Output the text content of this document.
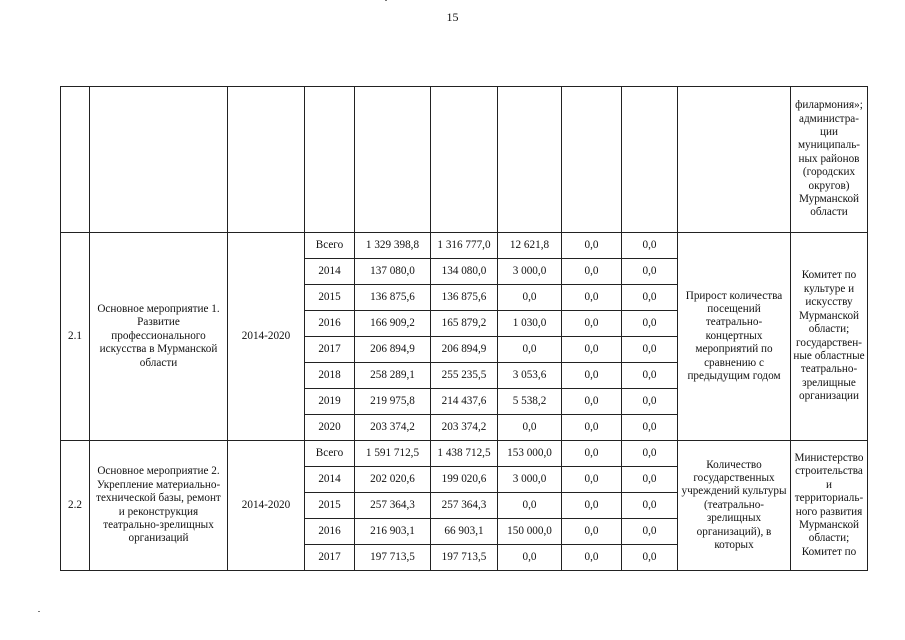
15
										филармония»; администра-ции муниципаль-ных районов (городских округов) Мурманской области
2.1	Основное мероприятие 1. Развитие профессионального искусства в Мурманской области	2014-2020	Всего	1 329 398,8	1 316 777,0	12 621,8	0,0	0,0	Прирост количества посещений театрально-концертных мероприятий по сравнению с предыдущим годом	Комитет по культуре и искусству Мурманской области; государствен-ные областные театрально-зрелищные организации
			2014	137 080,0	134 080,0	3 000,0	0,0	0,0		
			2015	136 875,6	136 875,6	0,0	0,0	0,0		
			2016	166 909,2	165 879,2	1 030,0	0,0	0,0		
			2017	206 894,9	206 894,9	0,0	0,0	0,0		
			2018	258 289,1	255 235,5	3 053,6	0,0	0,0		
			2019	219 975,8	214 437,6	5 538,2	0,0	0,0		
			2020	203 374,2	203 374,2	0,0	0,0	0,0		
2.2	Основное мероприятие 2. Укрепление материально-технической базы, ремонт и реконструкция театрально-зрелищных организаций	2014-2020	Всего	1 591 712,5	1 438 712,5	153 000,0	0,0	0,0	Количество государственных учреждений культуры (театрально-зрелищных организаций), в которых	Министерство строительства и территориаль-ного развития Мурманской области; Комитет по
			2014	202 020,6	199 020,6	3 000,0	0,0	0,0		
			2015	257 364,3	257 364,3	0,0	0,0	0,0		
			2016	216 903,1	66 903,1	150 000,0	0,0	0,0		
			2017	197 713,5	197 713,5	0,0	0,0	0,0		
